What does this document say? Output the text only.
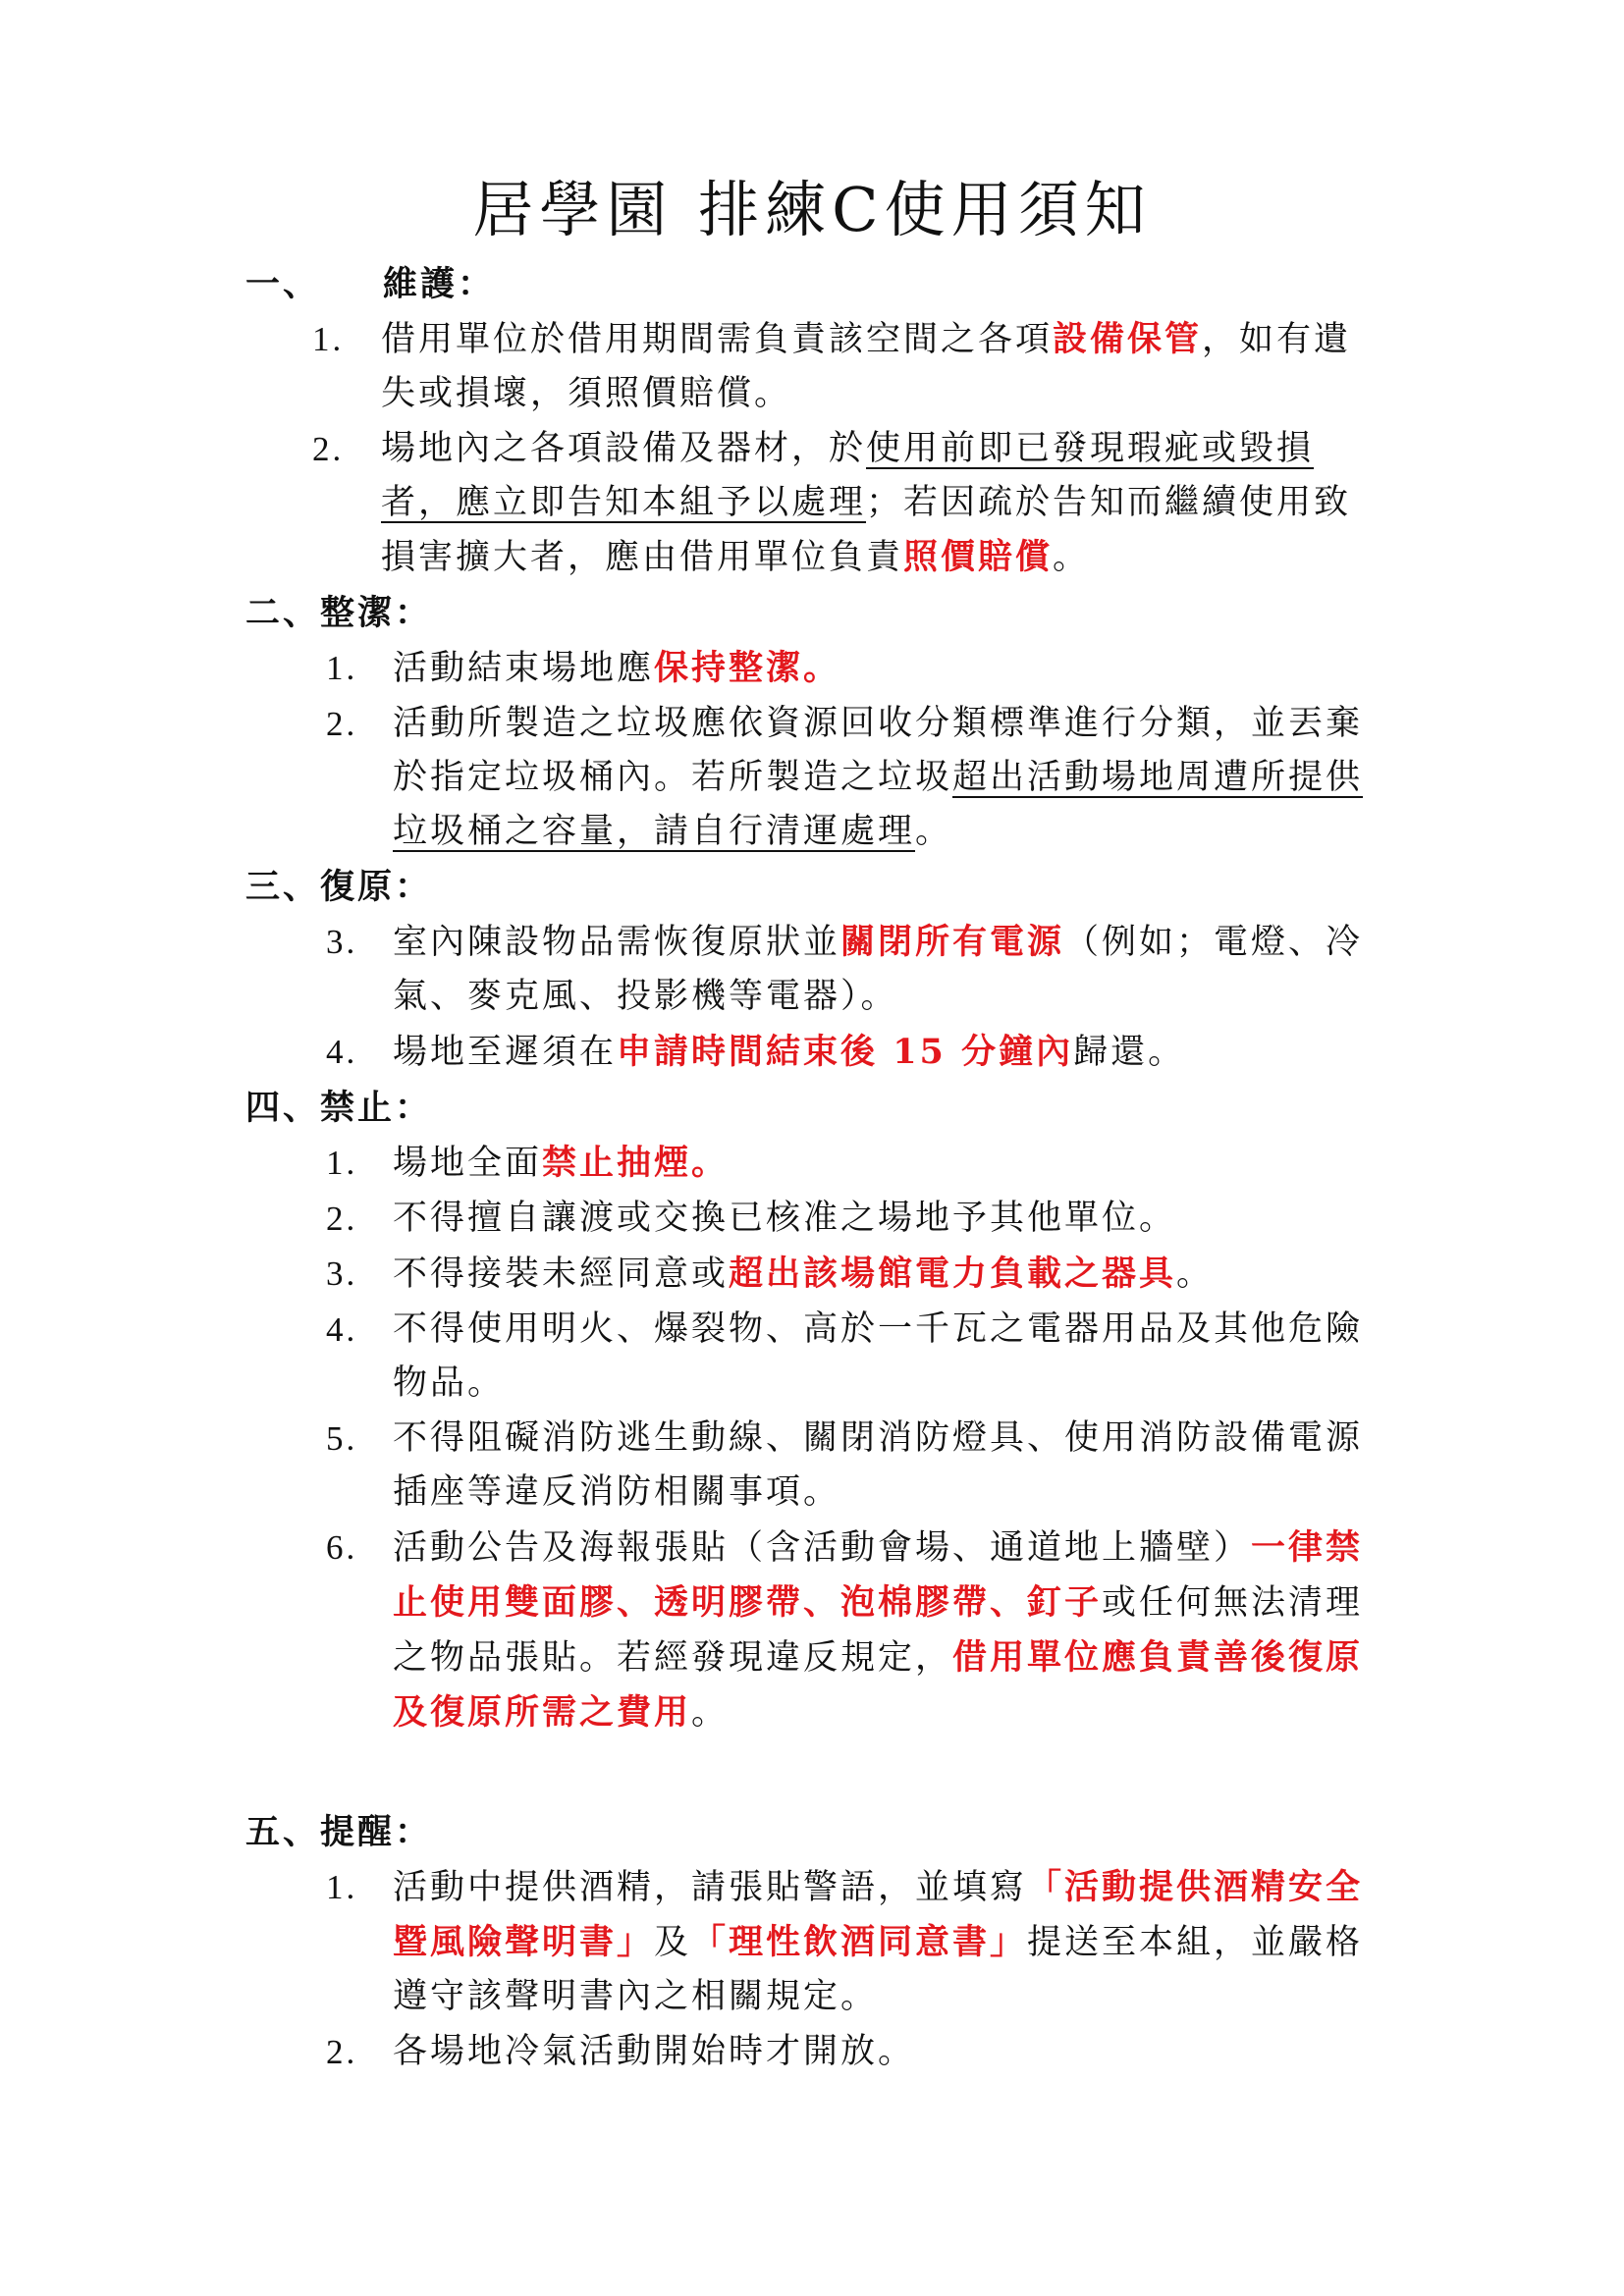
居學園 排練C使用須知
一、 維護：
1. 借用單位於借用期間需負責該空間之各項設備保管，如有遺失或損壞，須照價賠償。
2. 場地內之各項設備及器材，於使用前即已發現瑕疵或毀損者，應立即告知本組予以處理；若因疏於告知而繼續使用致損害擴大者，應由借用單位負責照價賠償。
二、整潔：
1. 活動結束場地應保持整潔。
2. 活動所製造之垃圾應依資源回收分類標準進行分類，並丟棄於指定垃圾桶內。若所製造之垃圾超出活動場地周遭所提供垃圾桶之容量，請自行清運處理。
三、復原：
3. 室內陳設物品需恢復原狀並關閉所有電源（例如；電燈、冷氣、麥克風、投影機等電器）。
4. 場地至遲須在申請時間結束後 15 分鐘內歸還。
四、禁止：
1. 場地全面禁止抽煙。
2. 不得擅自讓渡或交換已核准之場地予其他單位。
3. 不得接裝未經同意或超出該場館電力負載之器具。
4. 不得使用明火、爆裂物、高於一千瓦之電器用品及其他危險物品。
5. 不得阻礙消防逃生動線、關閉消防燈具、使用消防設備電源插座等違反消防相關事項。
6. 活動公告及海報張貼（含活動會場、通道地上牆壁）一律禁止使用雙面膠、透明膠帶、泡棉膠帶、釘子或任何無法清理之物品張貼。若經發現違反規定，借用單位應負責善後復原及復原所需之費用。
五、提醒：
1. 活動中提供酒精，請張貼警語，並填寫「活動提供酒精安全暨風險聲明書」及「理性飲酒同意書」提送至本組，並嚴格遵守該聲明書內之相關規定。
2. 各場地冷氣活動開始時才開放。
